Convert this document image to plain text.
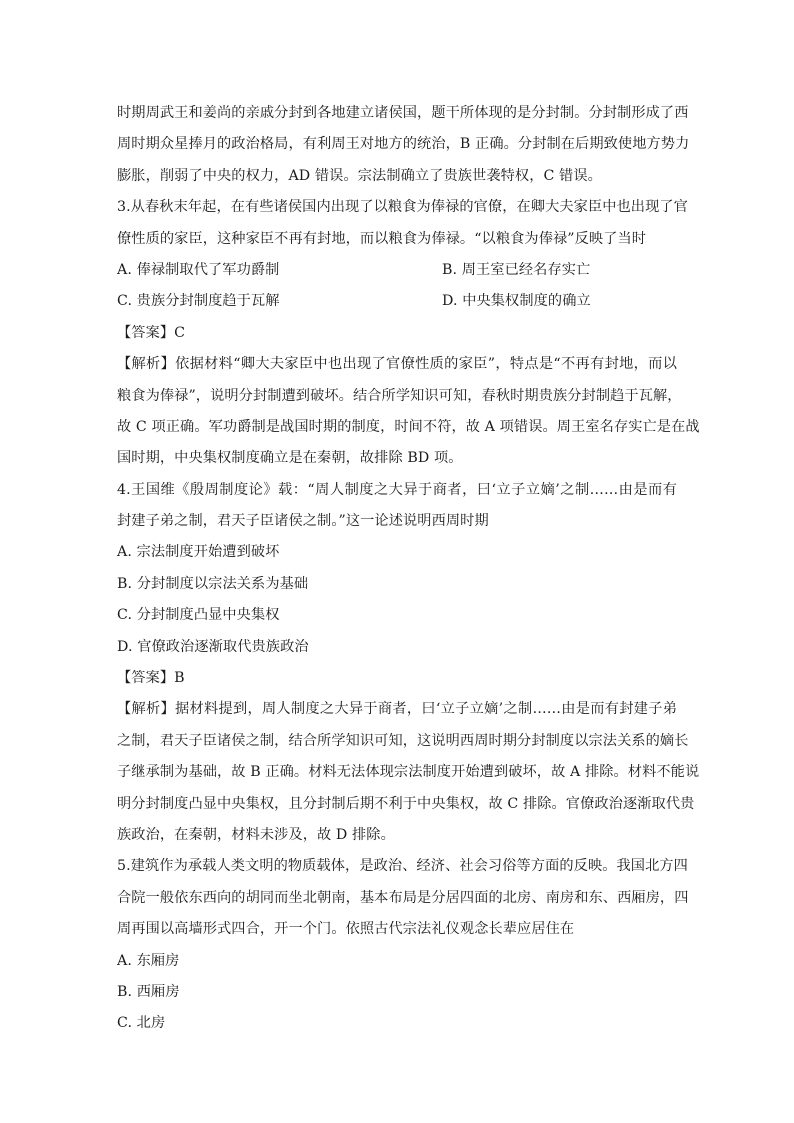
时期周武王和姜尚的亲戚分封到各地建立诸侯国，题干所体现的是分封制。分封制形成了西
周时期众星捧月的政治格局，有利周王对地方的统治，B 正确。分封制在后期致使地方势力
膨胀，削弱了中央的权力，AD 错误。宗法制确立了贵族世袭特权，C 错误。
3.从春秋末年起，在有些诸侯国内出现了以粮食为俸禄的官僚，在卿大夫家臣中也出现了官
僚性质的家臣，这种家臣不再有封地，而以粮食为俸禄。“以粮食为俸禄”反映了当时
A. 俸禄制取代了军功爵制	B. 周王室已经名存实亡
C. 贵族分封制度趋于瓦解	D. 中央集权制度的确立
【答案】C
【解析】依据材料“卿大夫家臣中也出现了官僚性质的家臣”，特点是“不再有封地，而以
粮食为俸禄”，说明分封制遭到破坏。结合所学知识可知，春秋时期贵族分封制趋于瓦解，
故 C 项正确。军功爵制是战国时期的制度，时间不符，故 A 项错误。周王室名存实亡是在战
国时期，中央集权制度确立是在秦朝，故排除 BD 项。
4.王国维《殷周制度论》载：“周人制度之大异于商者，曰‘立子立嫡’之制……由是而有
封建子弟之制，君天子臣诸侯之制。”这一论述说明西周时期
A. 宗法制度开始遭到破坏
B. 分封制度以宗法关系为基础
C. 分封制度凸显中央集权
D. 官僚政治逐渐取代贵族政治
【答案】B
【解析】据材料提到，周人制度之大异于商者，曰‘立子立嫡’之制……由是而有封建子弟
之制，君天子臣诸侯之制，结合所学知识可知，这说明西周时期分封制度以宗法关系的嫡长
子继承制为基础，故 B 正确。材料无法体现宗法制度开始遭到破坏，故 A 排除。材料不能说
明分封制度凸显中央集权，且分封制后期不利于中央集权，故 C 排除。官僚政治逐渐取代贵
族政治，在秦朝，材料未涉及，故 D 排除。
5.建筑作为承载人类文明的物质载体，是政治、经济、社会习俗等方面的反映。我国北方四
合院一般依东西向的胡同而坐北朝南，基本布局是分居四面的北房、南房和东、西厢房，四
周再围以高墙形式四合，开一个门。依照古代宗法礼仪观念长辈应居住在
A. 东厢房
B. 西厢房
C. 北房
